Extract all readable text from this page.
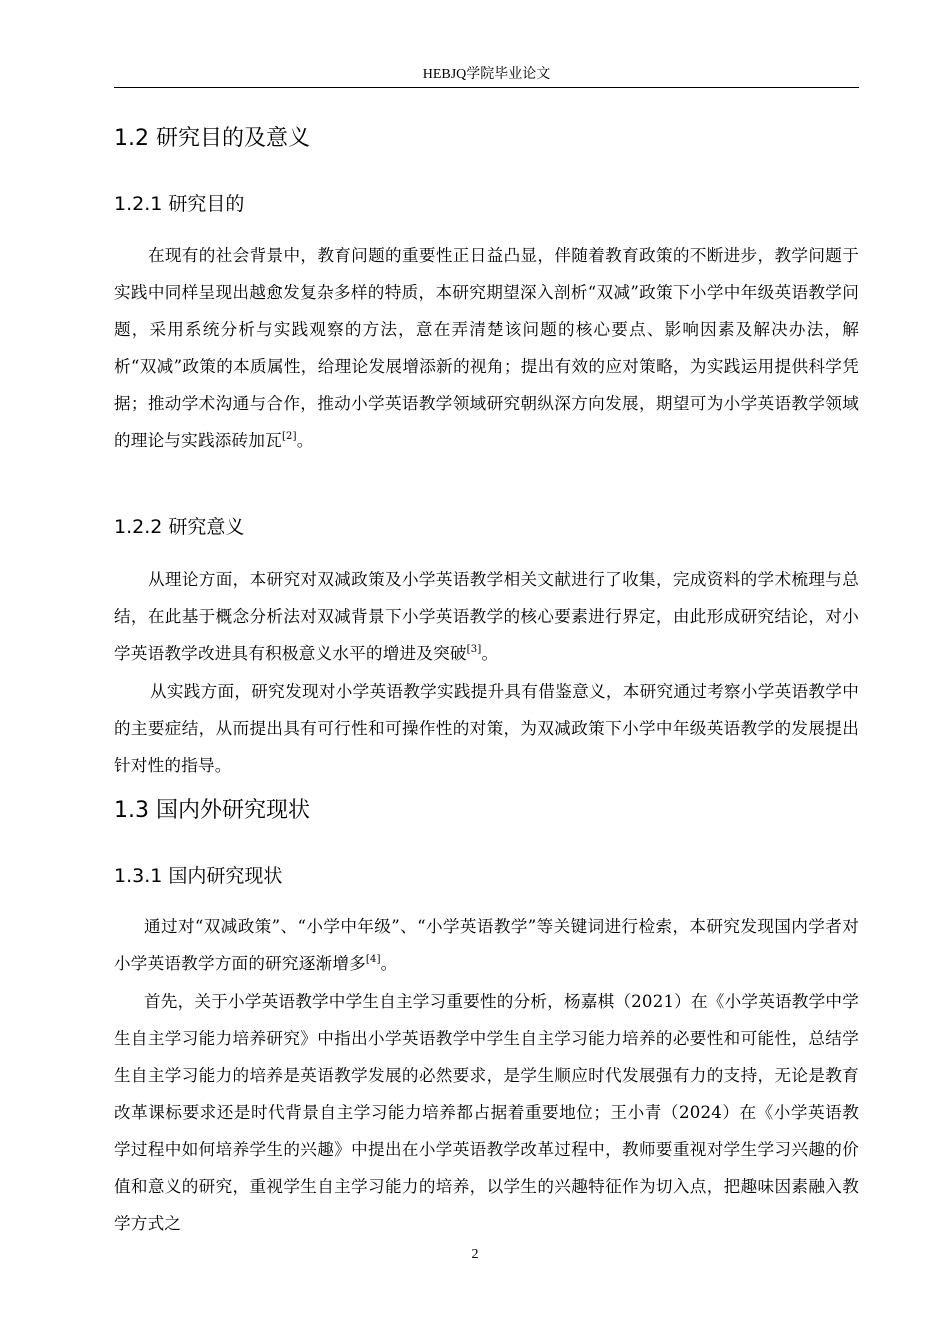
HEBJQ学院毕业论文
1.2 研究目的及意义
1.2.1 研究目的

在现有的社会背景中，教育问题的重要性正日益凸显，伴随着教育政策的不断进步，教学问题于实践中同样呈现出越愈发复杂多样的特质，本研究期望深入剖析“双减”政策下小学中年级英语教学问题，采用系统分析与实践观察的方法，意在弄清楚该问题的核心要点、影响因素及解决办法，解析“双减”政策的本质属性，给理论发展增添新的视角；提出有效的应对策略，为实践运用提供科学凭据；推动学术沟通与合作，推动小学英语教学领域研究朝纵深方向发展，期望可为小学英语教学领域的理论与实践添砖加瓦[2]。

1.2.2 研究意义

从理论方面，本研究对双减政策及小学英语教学相关文献进行了收集，完成资料的学术梳理与总结，在此基于概念分析法对双减背景下小学英语教学的核心要素进行界定，由此形成研究结论，对小学英语教学改进具有积极意义水平的增进及突破[3]。

从实践方面，研究发现对小学英语教学实践提升具有借鉴意义，本研究通过考察小学英语教学中的主要症结，从而提出具有可行性和可操作性的对策，为双减政策下小学中年级英语教学的发展提出针对性的指导。

1.3 国内外研究现状
1.3.1 国内研究现状

通过对“双减政策”、“小学中年级”、“小学英语教学”等关键词进行检索，本研究发现国内学者对小学英语教学方面的研究逐渐增多[4]。

首先，关于小学英语教学中学生自主学习重要性的分析，杨嘉棋（2021）在《小学英语教学中学生自主学习能力培养研究》中指出小学英语教学中学生自主学习能力培养的必要性和可能性，总结学生自主学习能力的培养是英语教学发展的必然要求，是学生顺应时代发展强有力的支持，无论是教育改革课标要求还是时代背景自主学习能力培养都占据着重要地位；王小青（2024）在《小学英语教学过程中如何培养学生的兴趣》中提出在小学英语教学改革过程中，教师要重视对学生学习兴趣的价值和意义的研究，重视学生自主学习能力的培养，以学生的兴趣特征作为切入点，把趣味因素融入教学方式之

2
